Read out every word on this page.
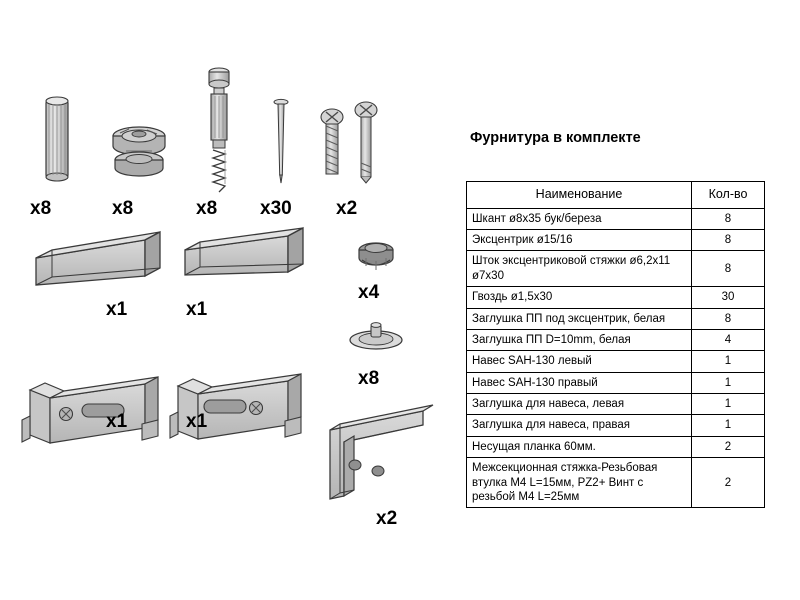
x8	x8	x8 x30 x2
x4
x8
x1	x1
x1	x1
x2
Фурнитура в комплекте
Наименование	Кол-во
Шкант ø8x35 бук/береза	8
Эксцентрик ø15/16	8
Шток эксцентриковой стяжки ø6,2x11 ø7x30	8
Гвоздь ø1,5x30	30
Заглушка ПП под эксцентрик, белая	8
Заглушка ПП D=10mm, белая	4
Навес SAH-130 левый	1
Навес SAH-130 правый	1
Заглушка для навеса, левая	1
Заглушка для навеса, правая	1
Несущая планка 60мм.	2
Межсекционная стяжка-Резьбовая втулка M4 L=15мм, PZ2+ Винт с резьбой M4 L=25мм	2
